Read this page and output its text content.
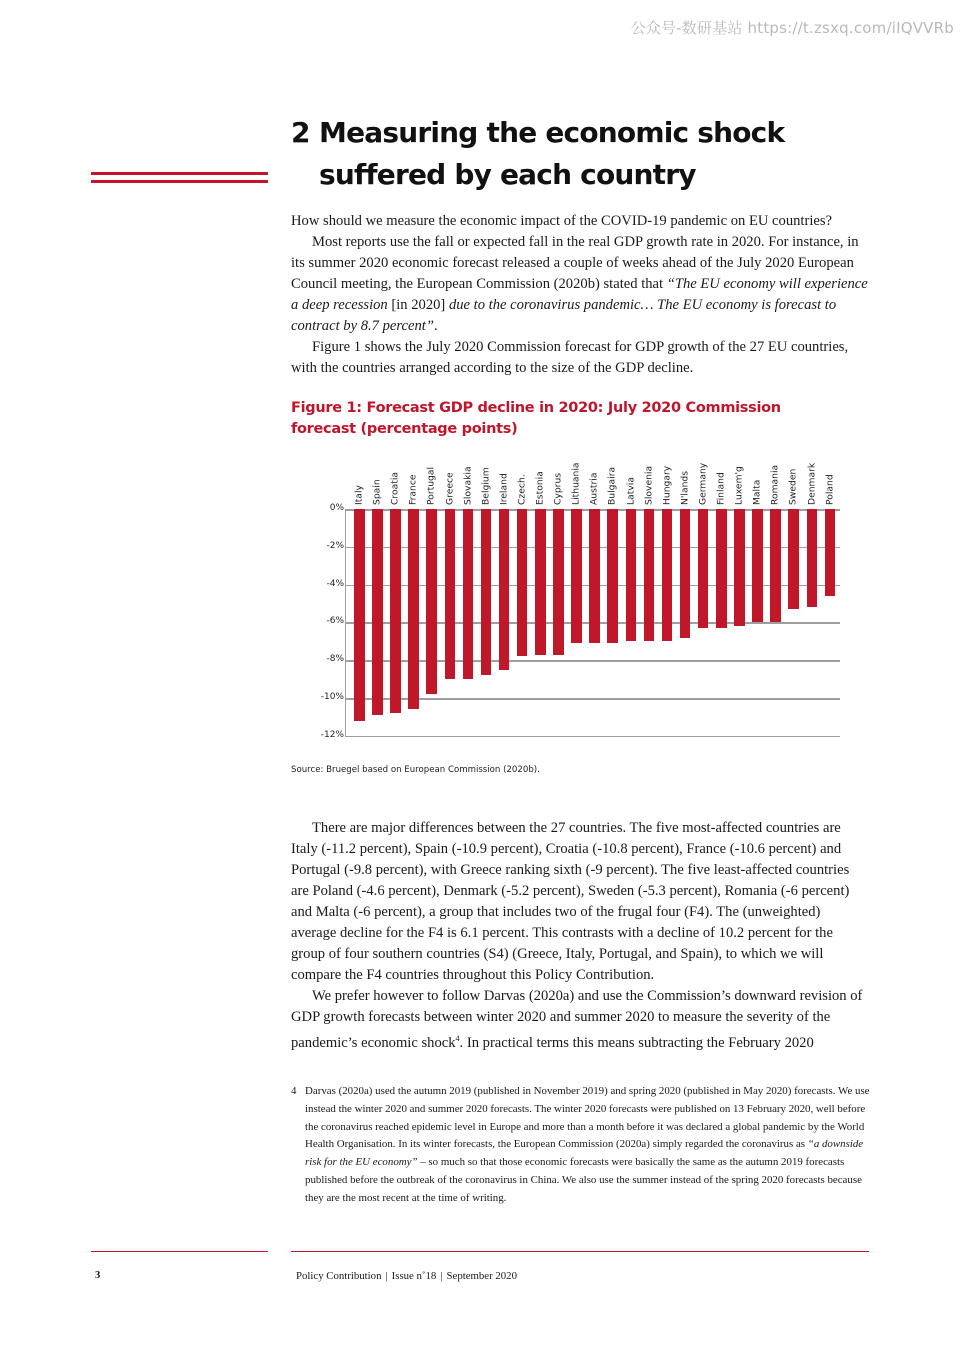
公众号-数研基站 https://t.zsxq.com/iIQVVRb
2 Measuring the economic shock suffered by each country

How should we measure the economic impact of the COVID-19 pandemic on EU countries?

Most reports use the fall or expected fall in the real GDP growth rate in 2020. For instance, in its summer 2020 economic forecast released a couple of weeks ahead of the July 2020 European Council meeting, the European Commission (2020b) stated that “The EU economy will experience a deep recession [in 2020] due to the coronavirus pandemic… The EU economy is forecast to contract by 8.7 percent”.

Figure 1 shows the July 2020 Commission forecast for GDP growth of the 27 EU countries, with the countries arranged according to the size of the GDP decline.

Figure 1: Forecast GDP decline in 2020: July 2020 Commission forecast (percentage points)
0%
-2%
-4%
-6%
-8%
-10%
-12%
Italy Spain Croatia France Portugal Greece Slovakia Belgium Ireland Czech. Estonia Cyprus Lithuania Austria Bulgaira Latvia Slovenia Hungary N'lands Germany Finland Luxem'g Malta Romania Sweden Denmark Poland
Source: Bruegel based on European Commission (2020b).

There are major differences between the 27 countries. The five most-affected countries are Italy (-11.2 percent), Spain (-10.9 percent), Croatia (-10.8 percent), France (-10.6 percent) and Portugal (-9.8 percent), with Greece ranking sixth (-9 percent). The five least-affected countries are Poland (-4.6 percent), Denmark (-5.2 percent), Sweden (-5.3 percent), Romania (-6 percent) and Malta (-6 percent), a group that includes two of the frugal four (F4). The (unweighted) average decline for the F4 is 6.1 percent. This contrasts with a decline of 10.2 percent for the group of four southern countries (S4) (Greece, Italy, Portugal, and Spain), to which we will compare the F4 countries throughout this Policy Contribution.

We prefer however to follow Darvas (2020a) and use the Commission’s downward revision of GDP growth forecasts between winter 2020 and summer 2020 to measure the severity of the pandemic’s economic shock$^4$. In practical terms this means subtracting the February 2020

4 Darvas (2020a) used the autumn 2019 (published in November 2019) and spring 2020 (published in May 2020) forecasts. We use instead the winter 2020 and summer 2020 forecasts. The winter 2020 forecasts were published on 13 February 2020, well before the coronavirus reached epidemic level in Europe and more than a month before it was declared a global pandemic by the World Health Organisation. In its winter forecasts, the European Commission (2020a) simply regarded the coronavirus as “a downside risk for the EU economy” – so much so that those economic forecasts were basically the same as the autumn 2019 forecasts published before the outbreak of the coronavirus in China. We also use the summer instead of the spring 2020 forecasts because they are the most recent at the time of writing.
3	Policy Contribution | Issue n˚18 | September 2020
